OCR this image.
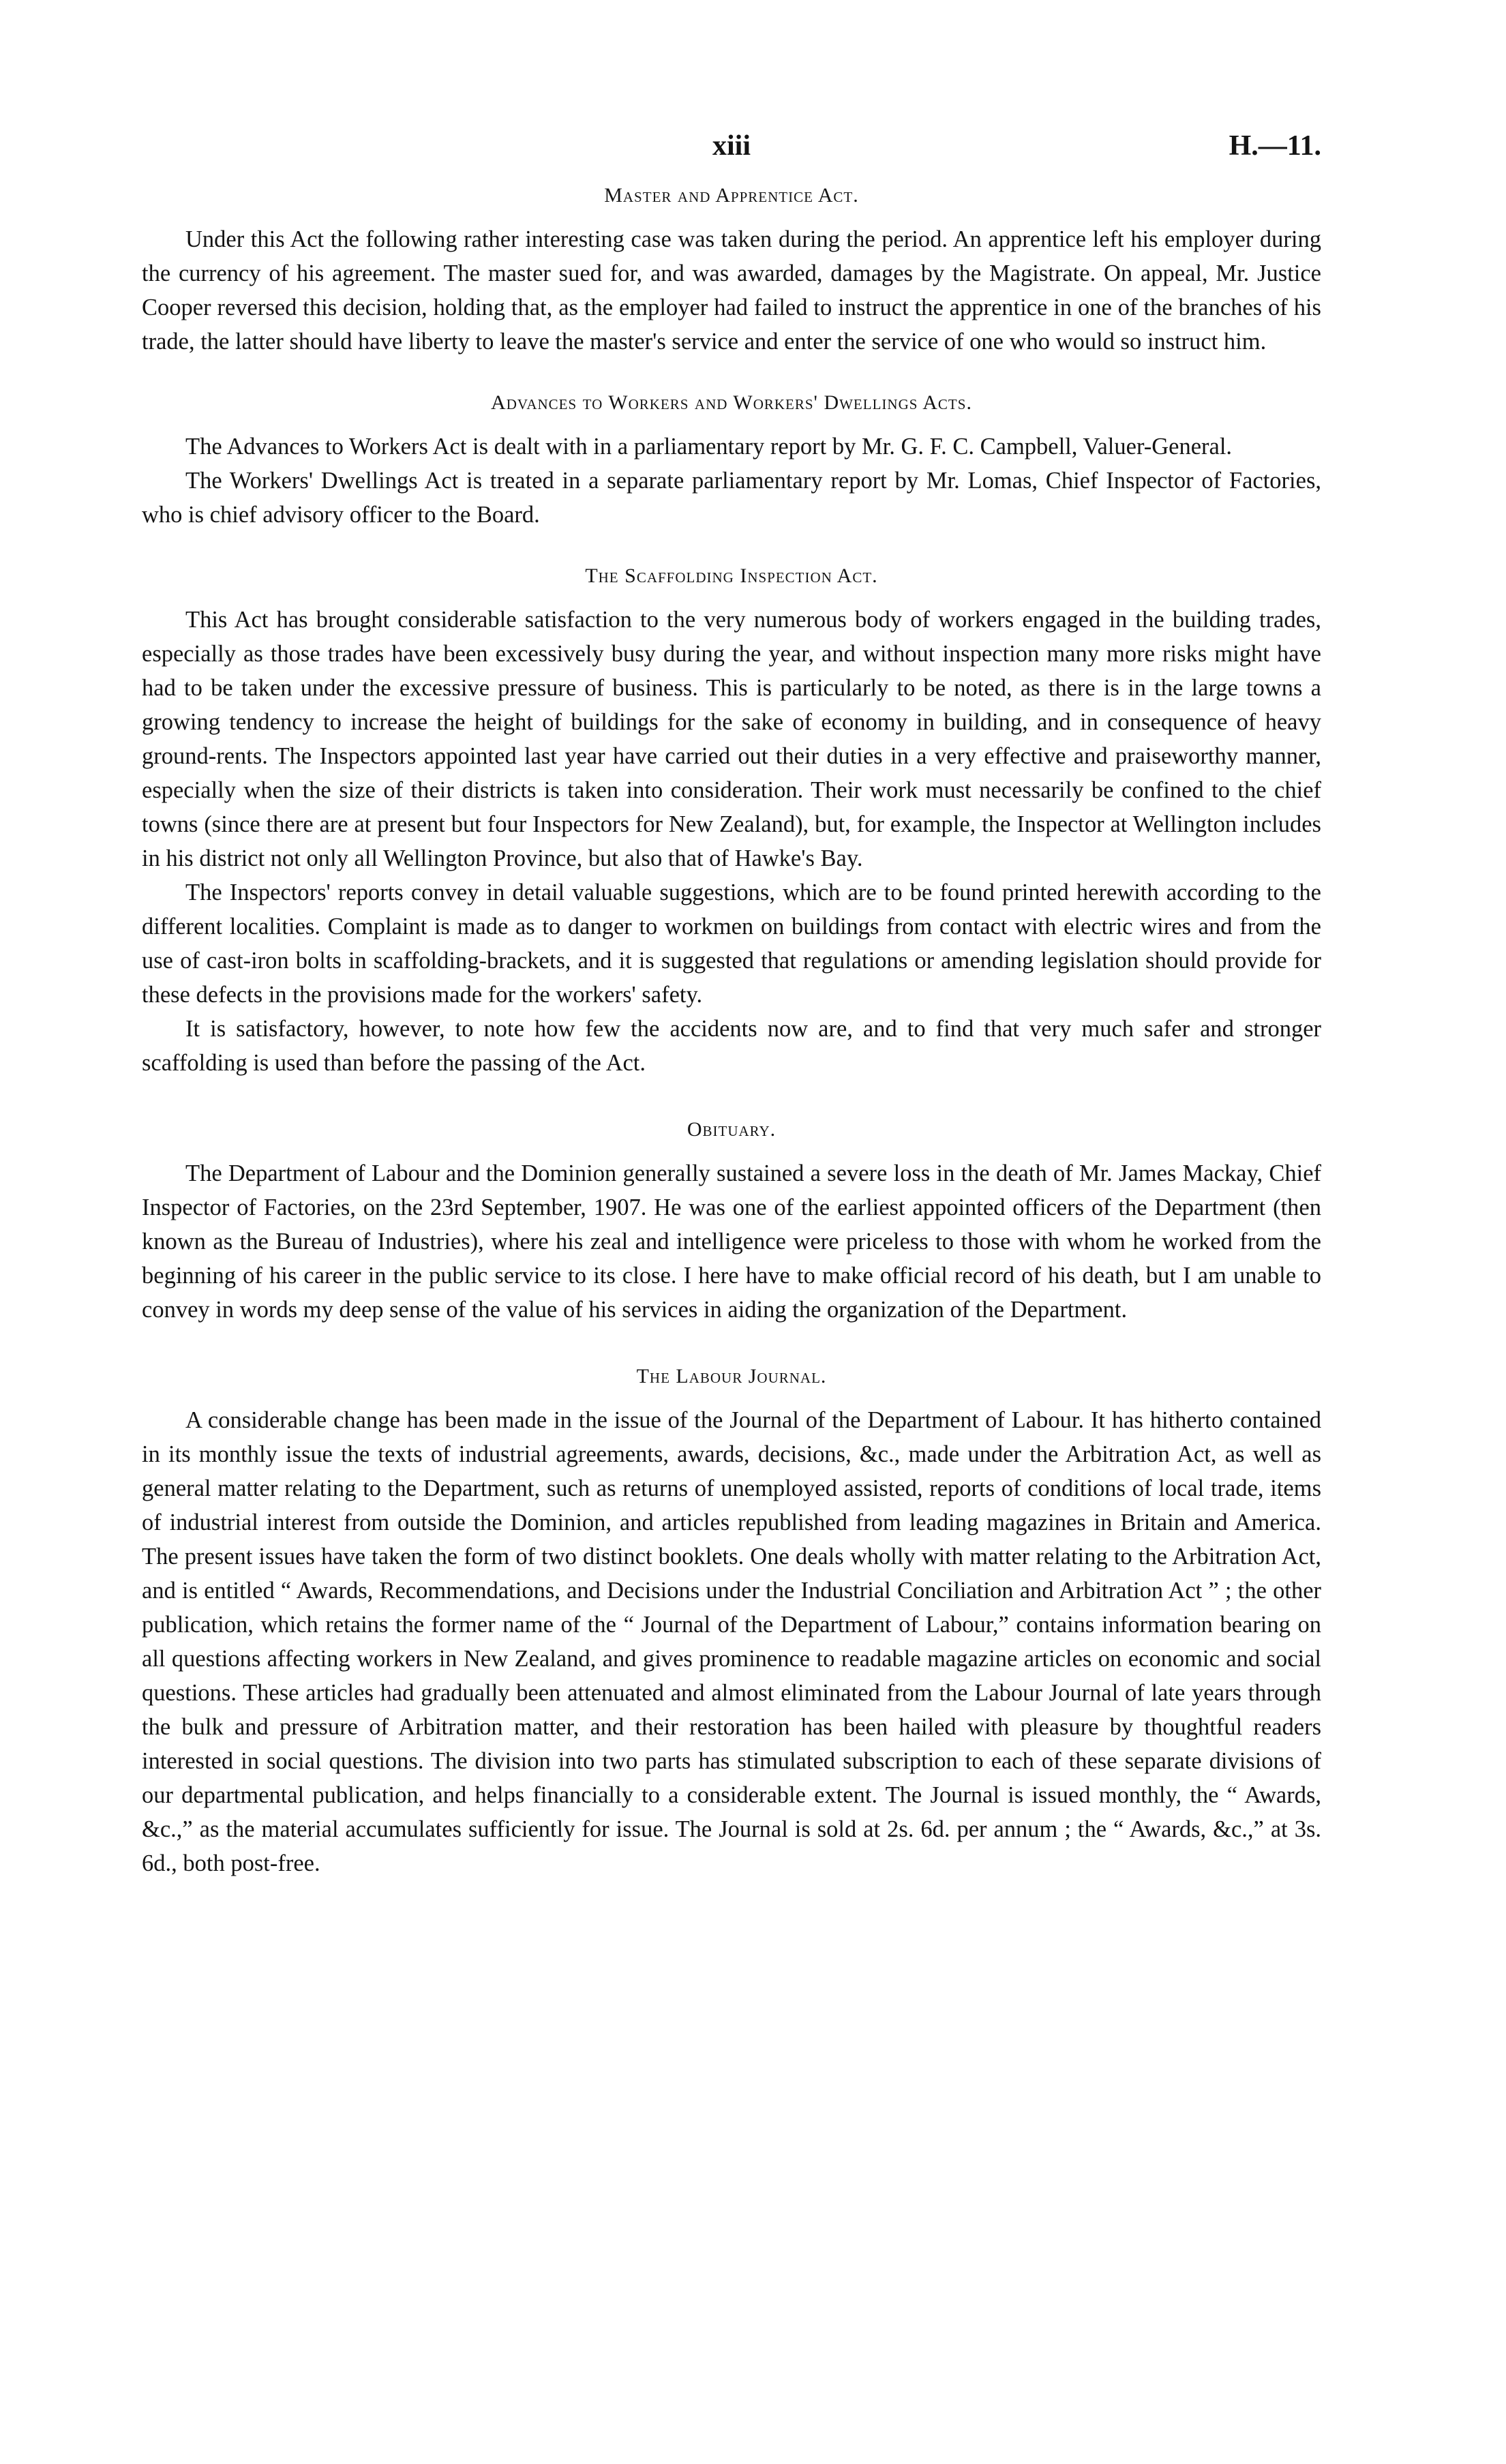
xiii	H.—11.
Master and Apprentice Act.

Under this Act the following rather interesting case was taken during the period. An apprentice left his employer during the currency of his agreement. The master sued for, and was awarded, damages by the Magistrate. On appeal, Mr. Justice Cooper reversed this decision, holding that, as the employer had failed to instruct the apprentice in one of the branches of his trade, the latter should have liberty to leave the master's service and enter the service of one who would so instruct him.

Advances to Workers and Workers' Dwellings Acts.

The Advances to Workers Act is dealt with in a parliamentary report by Mr. G. F. C. Campbell, Valuer-General.

The Workers' Dwellings Act is treated in a separate parliamentary report by Mr. Lomas, Chief Inspector of Factories, who is chief advisory officer to the Board.

The Scaffolding Inspection Act.

This Act has brought considerable satisfaction to the very numerous body of workers engaged in the building trades, especially as those trades have been excessively busy during the year, and without inspection many more risks might have had to be taken under the excessive pressure of business. This is particularly to be noted, as there is in the large towns a growing tendency to increase the height of buildings for the sake of economy in building, and in consequence of heavy ground-rents. The Inspectors appointed last year have carried out their duties in a very effective and praiseworthy manner, especially when the size of their districts is taken into consideration. Their work must necessarily be confined to the chief towns (since there are at present but four Inspectors for New Zealand), but, for example, the Inspector at Wellington includes in his district not only all Wellington Province, but also that of Hawke's Bay.

The Inspectors' reports convey in detail valuable suggestions, which are to be found printed herewith according to the different localities. Complaint is made as to danger to workmen on buildings from contact with electric wires and from the use of cast-iron bolts in scaffolding-brackets, and it is suggested that regulations or amending legislation should provide for these defects in the provisions made for the workers' safety.

It is satisfactory, however, to note how few the accidents now are, and to find that very much safer and stronger scaffolding is used than before the passing of the Act.

Obituary.

The Department of Labour and the Dominion generally sustained a severe loss in the death of Mr. James Mackay, Chief Inspector of Factories, on the 23rd September, 1907. He was one of the earliest appointed officers of the Department (then known as the Bureau of Industries), where his zeal and intelligence were priceless to those with whom he worked from the beginning of his career in the public service to its close. I here have to make official record of his death, but I am unable to convey in words my deep sense of the value of his services in aiding the organization of the Department.

The Labour Journal.

A considerable change has been made in the issue of the Journal of the Department of Labour. It has hitherto contained in its monthly issue the texts of industrial agreements, awards, decisions, &c., made under the Arbitration Act, as well as general matter relating to the Department, such as returns of unemployed assisted, reports of conditions of local trade, items of industrial interest from outside the Dominion, and articles republished from leading magazines in Britain and America. The present issues have taken the form of two distinct booklets. One deals wholly with matter relating to the Arbitration Act, and is entitled “ Awards, Recommendations, and Decisions under the Industrial Conciliation and Arbitration Act ” ; the other publication, which retains the former name of the “ Journal of the Department of Labour,” contains information bearing on all questions affecting workers in New Zealand, and gives prominence to readable magazine articles on economic and social questions. These articles had gradually been attenuated and almost eliminated from the Labour Journal of late years through the bulk and pressure of Arbitration matter, and their restoration has been hailed with pleasure by thoughtful readers interested in social questions. The division into two parts has stimulated subscription to each of these separate divisions of our departmental publication, and helps financially to a considerable extent. The Journal is issued monthly, the “ Awards, &c.,” as the material accumulates sufficiently for issue. The Journal is sold at 2s. 6d. per annum ; the “ Awards, &c.,” at 3s. 6d., both post-free.
